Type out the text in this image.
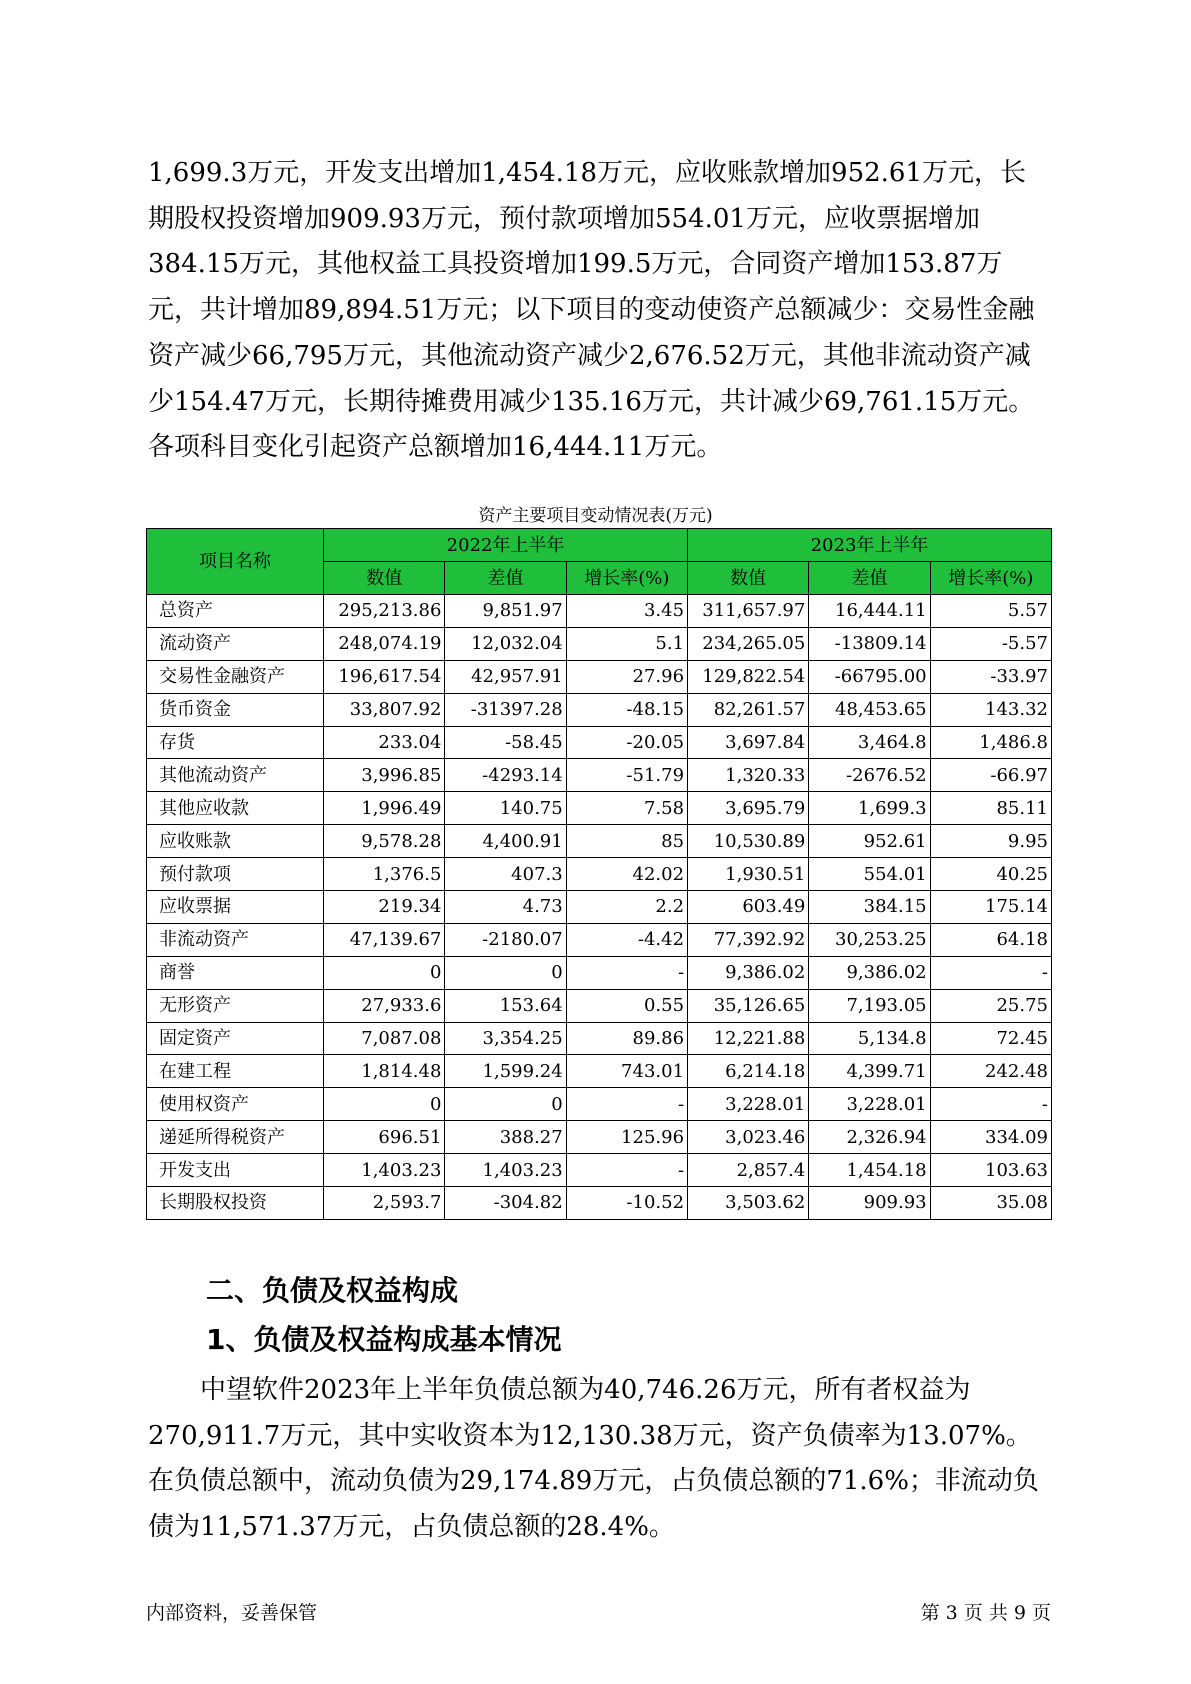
1,699.3万元，开发支出增加1,454.18万元，应收账款增加952.61万元，长期股权投资增加909.93万元，预付款项增加554.01万元，应收票据增加384.15万元，其他权益工具投资增加199.5万元，合同资产增加153.87万元，共计增加89,894.51万元；以下项目的变动使资产总额减少：交易性金融资产减少66,795万元，其他流动资产减少2,676.52万元，其他非流动资产减少154.47万元，长期待摊费用减少135.16万元，共计减少69,761.15万元。各项科目变化引起资产总额增加16,444.11万元。

资产主要项目变动情况表(万元)
项目名称	2022年上半年			2023年上半年		
	数值	差值	增长率(%)	数值	差值	增长率(%)
总资产	295,213.86	9,851.97	3.45	311,657.97	16,444.11	5.57
流动资产	248,074.19	12,032.04	5.1	234,265.05	-13809.14	-5.57
交易性金融资产	196,617.54	42,957.91	27.96	129,822.54	-66795.00	-33.97
货币资金	33,807.92	-31397.28	-48.15	82,261.57	48,453.65	143.32
存货	233.04	-58.45	-20.05	3,697.84	3,464.8	1,486.8
其他流动资产	3,996.85	-4293.14	-51.79	1,320.33	-2676.52	-66.97
其他应收款	1,996.49	140.75	7.58	3,695.79	1,699.3	85.11
应收账款	9,578.28	4,400.91	85	10,530.89	952.61	9.95
预付款项	1,376.5	407.3	42.02	1,930.51	554.01	40.25
应收票据	219.34	4.73	2.2	603.49	384.15	175.14
非流动资产	47,139.67	-2180.07	-4.42	77,392.92	30,253.25	64.18
商誉	0	0	-	9,386.02	9,386.02	-
无形资产	27,933.6	153.64	0.55	35,126.65	7,193.05	25.75
固定资产	7,087.08	3,354.25	89.86	12,221.88	5,134.8	72.45
在建工程	1,814.48	1,599.24	743.01	6,214.18	4,399.71	242.48
使用权资产	0	0	-	3,228.01	3,228.01	-
递延所得税资产	696.51	388.27	125.96	3,023.46	2,326.94	334.09
开发支出	1,403.23	1,403.23	-	2,857.4	1,454.18	103.63
长期股权投资	2,593.7	-304.82	-10.52	3,503.62	909.93	35.08
二、负债及权益构成
1、负债及权益构成基本情况

中望软件2023年上半年负债总额为40,746.26万元，所有者权益为270,911.7万元，其中实收资本为12,130.38万元，资产负债率为13.07%。在负债总额中，流动负债为29,174.89万元，占负债总额的71.6%；非流动负债为11,571.37万元，占负债总额的28.4%。

内部资料，妥善保管	第 3 页 共 9 页
